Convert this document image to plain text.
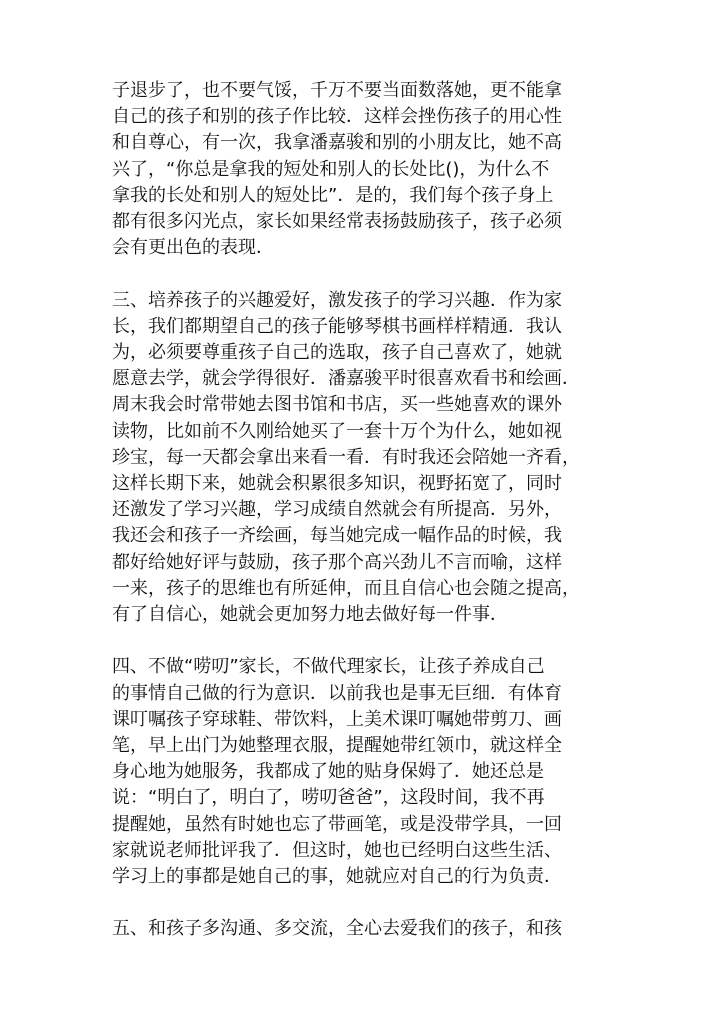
子退步了，也不要气馁，千万不要当面数落她，更不能拿
自己的孩子和别的孩子作比较．这样会挫伤孩子的用心性
和自尊心，有一次，我拿潘嘉骏和别的小朋友比，她不高
兴了，“你总是拿我的短处和别人的长处比()，为什么不
拿我的长处和别人的短处比”．是的，我们每个孩子身上
都有很多闪光点，家长如果经常表扬鼓励孩子，孩子必须
会有更出色的表现．
三、培养孩子的兴趣爱好，激发孩子的学习兴趣．作为家
长，我们都期望自己的孩子能够琴棋书画样样精通．我认
为，必须要尊重孩子自己的选取，孩子自己喜欢了，她就
愿意去学，就会学得很好．潘嘉骏平时很喜欢看书和绘画．
周末我会时常带她去图书馆和书店，买一些她喜欢的课外
读物，比如前不久刚给她买了一套十万个为什么，她如视
珍宝，每一天都会拿出来看一看．有时我还会陪她一齐看，
这样长期下来，她就会积累很多知识，视野拓宽了，同时
还激发了学习兴趣，学习成绩自然就会有所提高．另外，
我还会和孩子一齐绘画，每当她完成一幅作品的时候，我
都好给她好评与鼓励，孩子那个高兴劲儿不言而喻，这样
一来，孩子的思维也有所延伸，而且自信心也会随之提高，
有了自信心，她就会更加努力地去做好每一件事．
四、不做“唠叨”家长，不做代理家长，让孩子养成自己
的事情自己做的行为意识．以前我也是事无巨细．有体育
课叮嘱孩子穿球鞋、带饮料，上美术课叮嘱她带剪刀、画
笔，早上出门为她整理衣服，提醒她带红领巾，就这样全
身心地为她服务，我都成了她的贴身保姆了．她还总是
说：“明白了，明白了，唠叨爸爸”，这段时间，我不再
提醒她，虽然有时她也忘了带画笔，或是没带学具，一回
家就说老师批评我了．但这时，她也已经明白这些生活、
学习上的事都是她自己的事，她就应对自己的行为负责．
五、和孩子多沟通、多交流，全心去爱我们的孩子，和孩
